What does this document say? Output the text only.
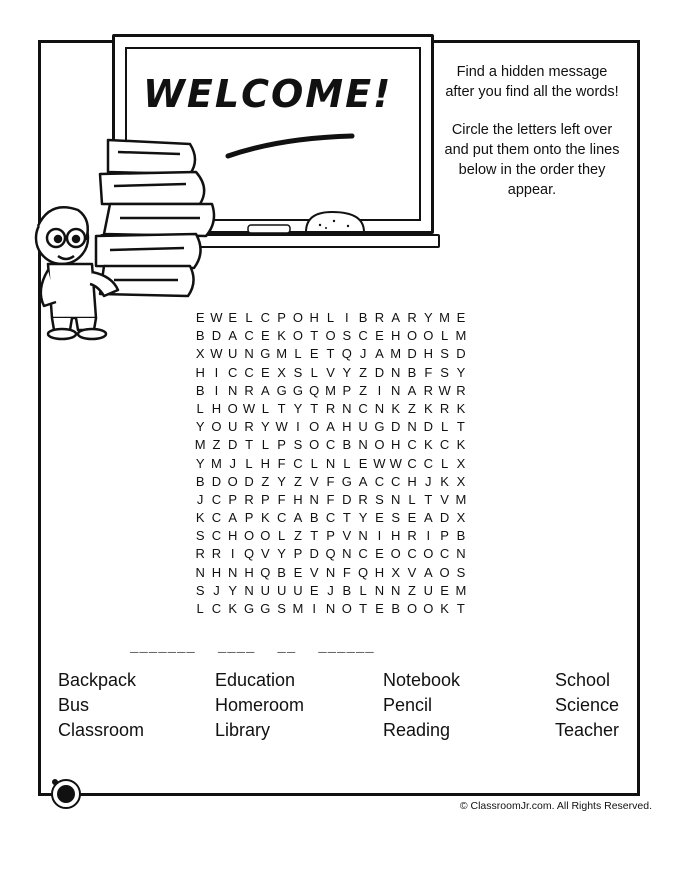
WELCOME!	Find a hidden message after you find all the words!

Circle the letters left over and put them onto the lines below in the order they appear.

E W E L C P O H L I B R A R Y M E
B D A C E K O T O S C E H O O L M
X W U N G M L E T Q J A M D H S D
H I C C E X S L V Y Z D N B F S Y
B I N R A G G Q M P Z I N A R W R
L H O W L T Y T R N C N K Z K R K
Y O U R Y W I O A H U G D N D L T
M Z D T L P S O C B N O H C K C K
Y M J L H F C L N L E W W C C L X
B D O D Z Y Z V F G A C C H J K X
J C P R P F H N F D R S N L T V M
K C A P K C A B C T Y E S E A D X
S C H O O L Z T P V N I H R I P B
R R I Q V Y P D Q N C E O C O C N
N H N H Q B E V N F Q H X V A O S
S J Y N U U U E J B L N N Z U E M
L C K G G S M I N O T E B O O K T
_______ ____ __ ______
Backpack
Bus
Classroom
Education
Homeroom
Library
Notebook
Pencil
Reading
School
Science
Teacher
© ClassroomJr.com. All Rights Reserved.
